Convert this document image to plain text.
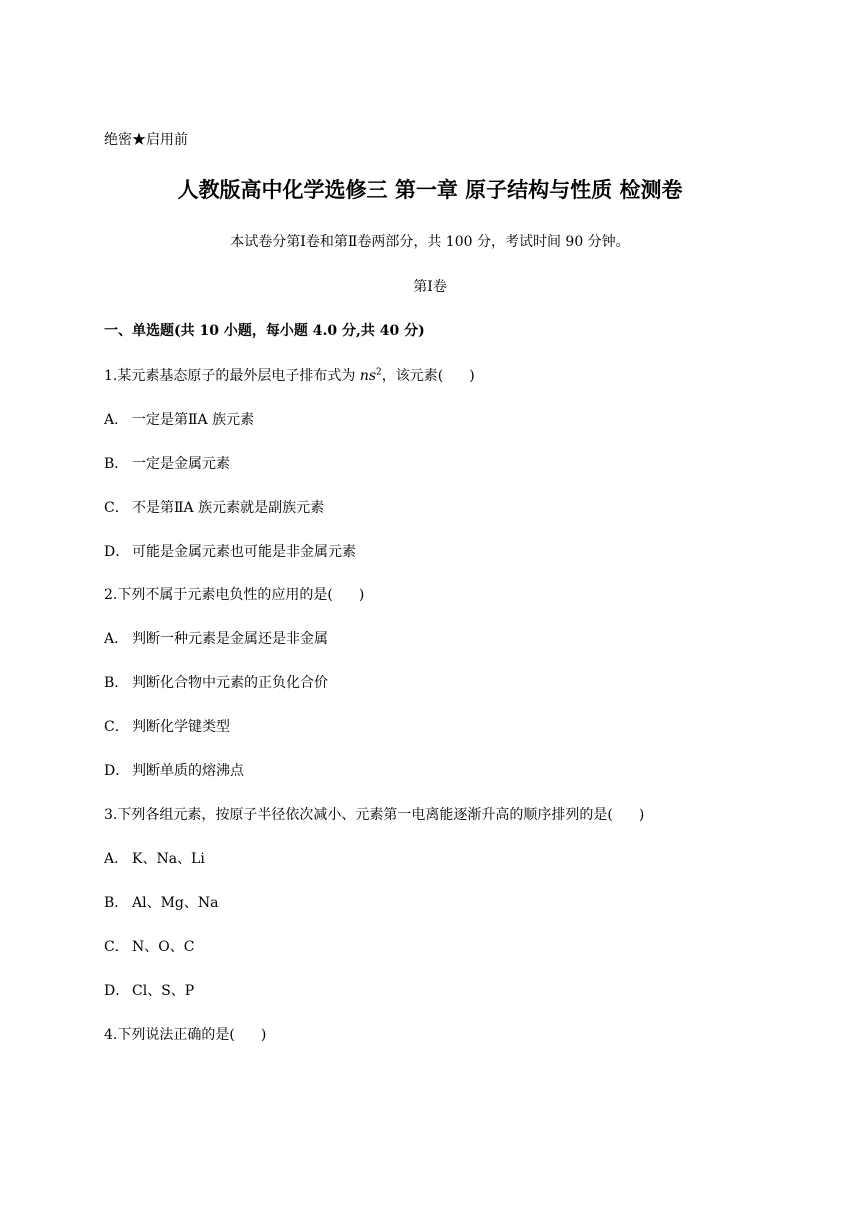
绝密★启用前
人教版高中化学选修三 第一章 原子结构与性质 检测卷
本试卷分第Ⅰ卷和第Ⅱ卷两部分，共 100 分，考试时间 90 分钟。
第Ⅰ卷
一、单选题(共 10 小题，每小题 4.0 分,共 40 分)
1.某元素基态原子的最外层电子排布式为 $ns^2$，该元素( )
A． 一定是第ⅡA 族元素
B． 一定是金属元素
C． 不是第ⅡA 族元素就是副族元素
D． 可能是金属元素也可能是非金属元素
2.下列不属于元素电负性的应用的是( )
A． 判断一种元素是金属还是非金属
B． 判断化合物中元素的正负化合价
C． 判断化学键类型
D． 判断单质的熔沸点
3.下列各组元素，按原子半径依次减小、元素第一电离能逐渐升高的顺序排列的是( )
A． K、Na、Li
B． Al、Mg、Na
C． N、O、C
D． Cl、S、P
4.下列说法正确的是( )
